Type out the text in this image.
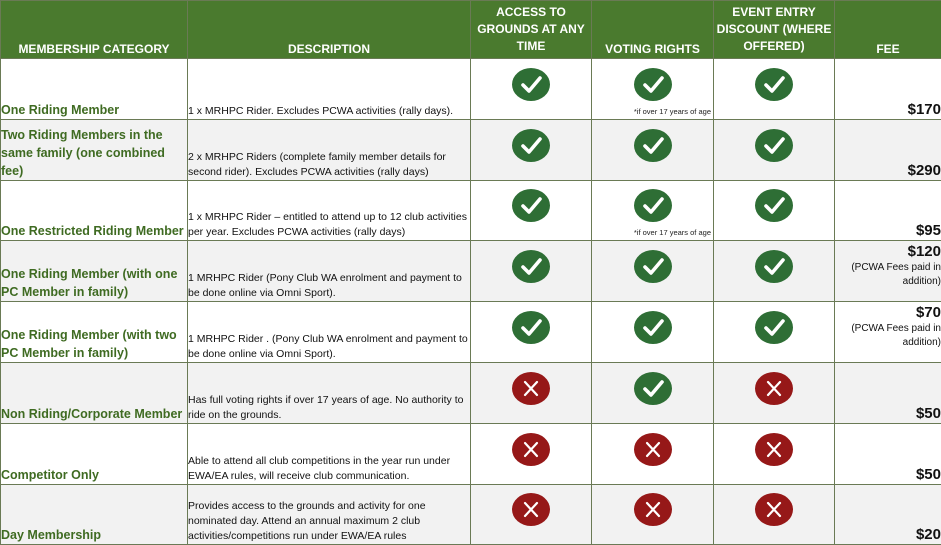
MEMBERSHIP CATEGORY	DESCRIPTION	ACCESS TO GROUNDS AT ANY TIME	VOTING RIGHTS	EVENT ENTRY DISCOUNT (WHERE OFFERED)	FEE
One Riding Member	1 x MRHPC Rider. Excludes PCWA activities (rally days).		*if over 17 years of age		$170

Two Riding Members in the same family (one combined fee)	2 x MRHPC Riders (complete family member details for second rider). Excludes PCWA activities (rally days)				$290

One Restricted Riding Member	1 x MRHPC Rider – entitled to attend up to 12 club activities per year. Excludes PCWA activities (rally days)		*if over 17 years of age		$95

One Riding Member (with one PC Member in family)	1 MRHPC Rider (Pony Club WA enrolment and payment to be done online via Omni Sport).				$120
(PCWA Fees paid in addition)

One Riding Member (with two PC Member in family)	1 MRHPC Rider . (Pony Club WA enrolment and payment to be done online via Omni Sport).				$70
(PCWA Fees paid in addition)

Non Riding/Corporate Member	Has full voting rights if over 17 years of age. No authority to ride on the grounds.				$50

Competitor Only	Able to attend all club competitions in the year run under EWA/EA rules, will receive club communication.				$50

Day Membership	Provides access to the grounds and activity for one nominated day. Attend an annual maximum 2 club activities/competitions run under EWA/EA rules				$20
